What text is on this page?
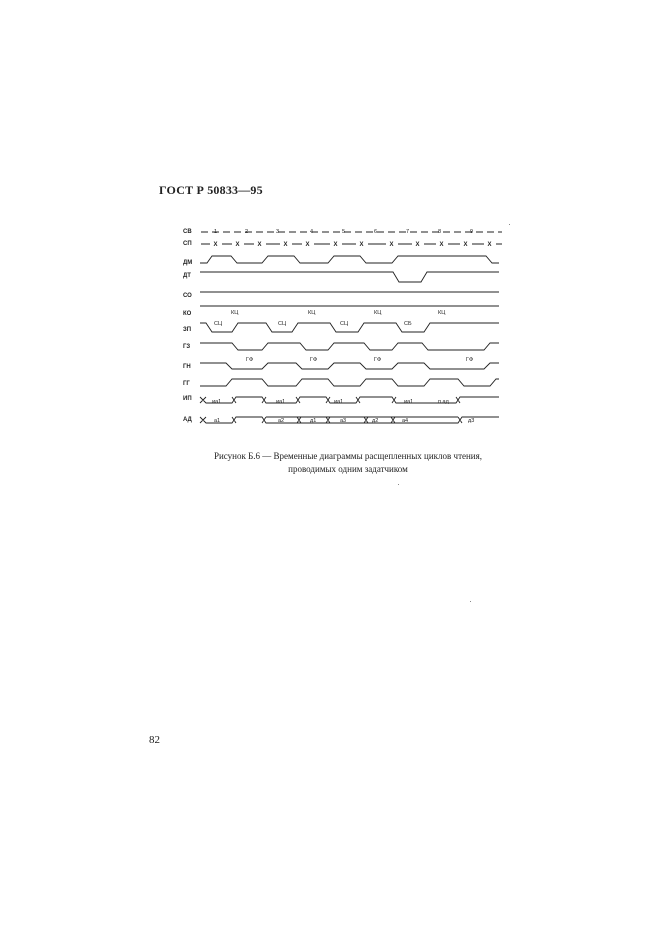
ГОСТ Р 50833—95
СВ
СП
ДМ
ДТ
СО
КО
ЗП
ГЗ
ГН
ГГ
ИП
АД
1	2	3	4	5	6	7	8	9
X	X	X	X	X	X	X	X	X	X	X	X
КЦ	КЦ	КЦ	КЦ
СЦ	СЦ	СЦ	СБ
ГФ	ГФ	ГФ	ГФ
иа1	иа1	иа1	иа1	п ад
а1	а2	д1	а3	д2	а4	д3
Рисунок Б.6 — Временные диаграммы расщепленных циклов чтения,
проводимых одним задатчиком
82
